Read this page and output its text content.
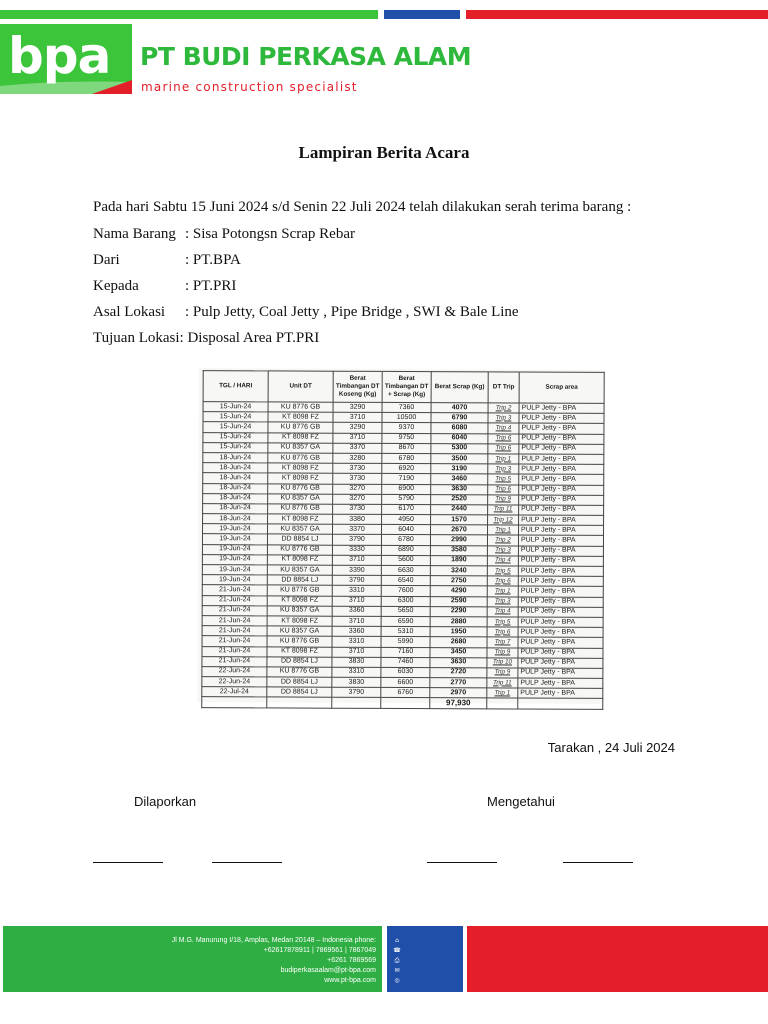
bpa PT BUDI PERKASA ALAM
marine construction specialist
Lampiran Berita Acara
Pada hari Sabtu 15 Juni 2024 s/d Senin 22 Juli 2024 telah dilakukan serah terima barang :
Nama Barang : Sisa Potongsn Scrap Rebar
Dari	: PT.BPA
Kepada	: PT.PRI
Asal Lokasi : Pulp Jetty, Coal Jetty , Pipe Bridge , SWI & Bale Line
Tujuan Lokasi: Disposal Area PT.PRI
TGL / HARI	Unit DT	Berat Timbangan DT Koseng (Kg)	Berat Timbangan DT + Scrap (Kg)	Berat Scrap (Kg)	DT Trip	Scrap area
15-Jun-24	KU 8776 GB	3290	7360	4070	Trip 2	PULP Jetty - BPA
15-Jun-24	KT 8098 FZ	3710	10500	6790	Trip 3	PULP Jetty - BPA
15-Jun-24	KU 8776 GB	3290	9370	6080	Trip 4	PULP Jetty - BPA
15-Jun-24	KT 8098 FZ	3710	9750	6040	Trip 6	PULP Jetty - BPA
15-Jun-24	KU 8357 GA	3370	8670	5300	Trip 6	PULP Jetty - BPA
18-Jun-24	KU 8776 GB	3280	6780	3500	Trip 1	PULP Jetty - BPA
18-Jun-24	KT 8098 FZ	3730	6920	3190	Trip 3	PULP Jetty - BPA
18-Jun-24	KT 8098 FZ	3730	7190	3460	Trip 5	PULP Jetty - BPA
18-Jun-24	KU 8776 GB	3270	6900	3630	Trip 6	PULP Jetty - BPA
18-Jun-24	KU 8357 GA	3270	5790	2520	Trip 9	PULP Jetty - BPA
18-Jun-24	KU 8776 GB	3730	6170	2440	Trip 11	PULP Jetty - BPA
18-Jun-24	KT 8098 FZ	3380	4950	1570	Trip 12	PULP Jetty - BPA
19-Jun-24	KU 8357 GA	3370	6040	2670	Trip 1	PULP Jetty - BPA
19-Jun-24	DD 8854 LJ	3790	6780	2990	Trip 2	PULP Jetty - BPA
19-Jun-24	KU 8776 GB	3330	6890	3580	Trip 3	PULP Jetty - BPA
19-Jun-24	KT 8098 FZ	3710	5600	1890	Trip 4	PULP Jetty - BPA
19-Jun-24	KU 8357 GA	3390	6630	3240	Trip 5	PULP Jetty - BPA
19-Jun-24	DD 8854 LJ	3790	6540	2750	Trip 6	PULP Jetty - BPA
21-Jun-24	KU 8776 GB	3310	7600	4290	Trip 1	PULP Jetty - BPA
21-Jun-24	KT 8098 FZ	3710	6300	2590	Trip 3	PULP Jetty - BPA
21-Jun-24	KU 8357 GA	3360	5650	2290	Trip 4	PULP Jetty - BPA
21-Jun-24	KT 8098 FZ	3710	6590	2880	Trip 5	PULP Jetty - BPA
21-Jun-24	KU 8357 GA	3360	5310	1950	Trip 6	PULP Jetty - BPA
21-Jun-24	KU 8776 GB	3310	5990	2680	Trip 7	PULP Jetty - BPA
21-Jun-24	KT 8098 FZ	3710	7160	3450	Trip 9	PULP Jetty - BPA
21-Jun-24	DD 8854 LJ	3830	7460	3630	Trip 10	PULP Jetty - BPA
22-Jun-24	KU 8776 GB	3310	6030	2720	Trip 9	PULP Jetty - BPA
22-Jun-24	DD 8854 LJ	3830	6600	2770	Trip 11	PULP Jetty - BPA
22-Jul-24	DD 8854 LJ	3790	6760	2970	Trip 1	PULP Jetty - BPA
				97,930		
Tarakan , 24 Juli 2024
Dilaporkan	Mengetahui
Jl M.G. Manurung I/18, Amplas, Medan 20148 – Indonesia phone:
+62617878911 | 7869561 | 7867049
+6261 7869569
budiperkasaalam@pt-bpa.com
www.pt-bpa.com
⌂
☎
⎙
✉
◎
